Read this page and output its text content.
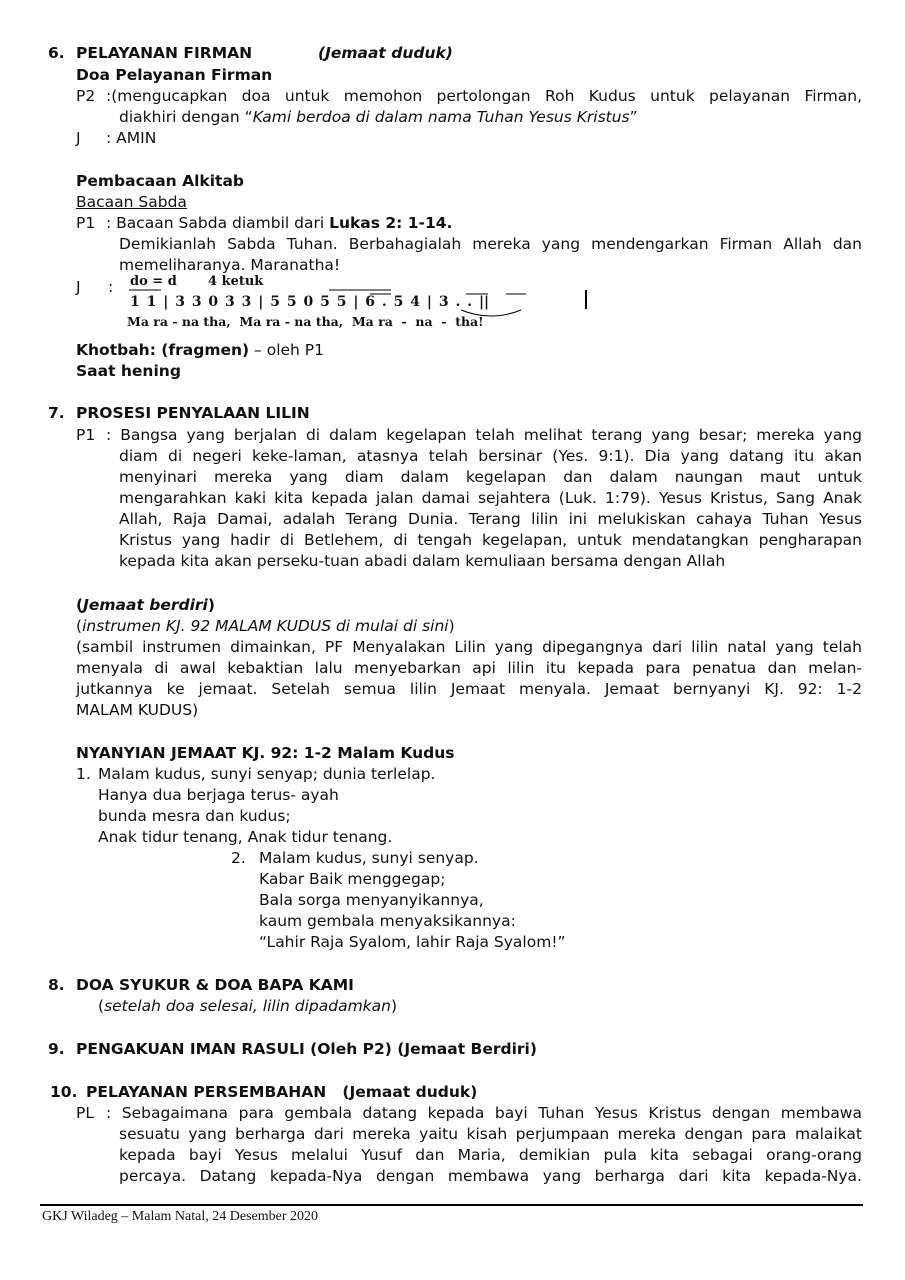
6. PELAYANAN FIRMAN	(Jemaat duduk)
Doa Pelayanan Firman
P2 :(mengucapkan doa untuk memohon pertolongan Roh Kudus untuk pelayanan Firman,
diakhiri dengan “Kami berdoa di dalam nama Tuhan Yesus Kristus”
J : AMIN
Pembacaan Alkitab
Bacaan Sabda
P1 : Bacaan Sabda diambil dari Lukas 2: 1-14.
Demikianlah Sabda Tuhan. Berbahagialah mereka yang mendengarkan Firman Allah dan
memeliharanya. Maranatha!
J : do = d 4 ketuk
1 1 | 3 3 0 3 3 | 5 5 0 5 5 | 6 . 5 4 | 3 . . ||
Ma ra - na tha,  Ma ra - na tha,  Ma ra  -  na  -  tha!
Khotbah: (fragmen) – oleh P1
Saat hening
7. PROSESI PENYALAAN LILIN
P1 : Bangsa yang berjalan di dalam kegelapan telah melihat terang yang besar; mereka yang
diam di negeri keke-laman, atasnya telah bersinar (Yes. 9:1). Dia yang datang itu akan
menyinari mereka yang diam dalam kegelapan dan dalam naungan maut untuk
mengarahkan kaki kita kepada jalan damai sejahtera (Luk. 1:79). Yesus Kristus, Sang Anak
Allah, Raja Damai, adalah Terang Dunia. Terang lilin ini melukiskan cahaya Tuhan Yesus
Kristus yang hadir di Betlehem, di tengah kegelapan, untuk mendatangkan pengharapan
kepada kita akan perseku-tuan abadi dalam kemuliaan bersama dengan Allah
(Jemaat berdiri)
(instrumen KJ. 92 MALAM KUDUS di mulai di sini)
(sambil instrumen dimainkan, PF Menyalakan Lilin yang dipegangnya dari lilin natal yang telah
menyala di awal kebaktian lalu menyebarkan api lilin itu kepada para penatua dan melan-
jutkannya ke jemaat. Setelah semua lilin Jemaat menyala. Jemaat bernyanyi KJ. 92: 1-2
MALAM KUDUS)
NYANYIAN JEMAAT KJ. 92: 1-2 Malam Kudus
1. Malam kudus, sunyi senyap; dunia terlelap.
Hanya dua berjaga terus- ayah
bunda mesra dan kudus;
Anak tidur tenang, Anak tidur tenang.
2. Malam kudus, sunyi senyap.
Kabar Baik menggegap;
Bala sorga menyanyikannya,
kaum gembala menyaksikannya:
“Lahir Raja Syalom, lahir Raja Syalom!”
8. DOA SYUKUR & DOA BAPA KAMI
(setelah doa selesai, lilin dipadamkan)
9. PENGAKUAN IMAN RASULI (Oleh P2) (Jemaat Berdiri)
10. PELAYANAN PERSEMBAHAN   (Jemaat duduk)
PL : Sebagaimana para gembala datang kepada bayi Tuhan Yesus Kristus dengan membawa
sesuatu yang berharga dari mereka yaitu kisah perjumpaan mereka dengan para malaikat
kepada bayi Yesus melalui Yusuf dan Maria, demikian pula kita sebagai orang-orang
percaya. Datang kepada-Nya dengan membawa yang berharga dari kita kepada-Nya.
GKJ Wiladeg – Malam Natal, 24 Desember 2020
